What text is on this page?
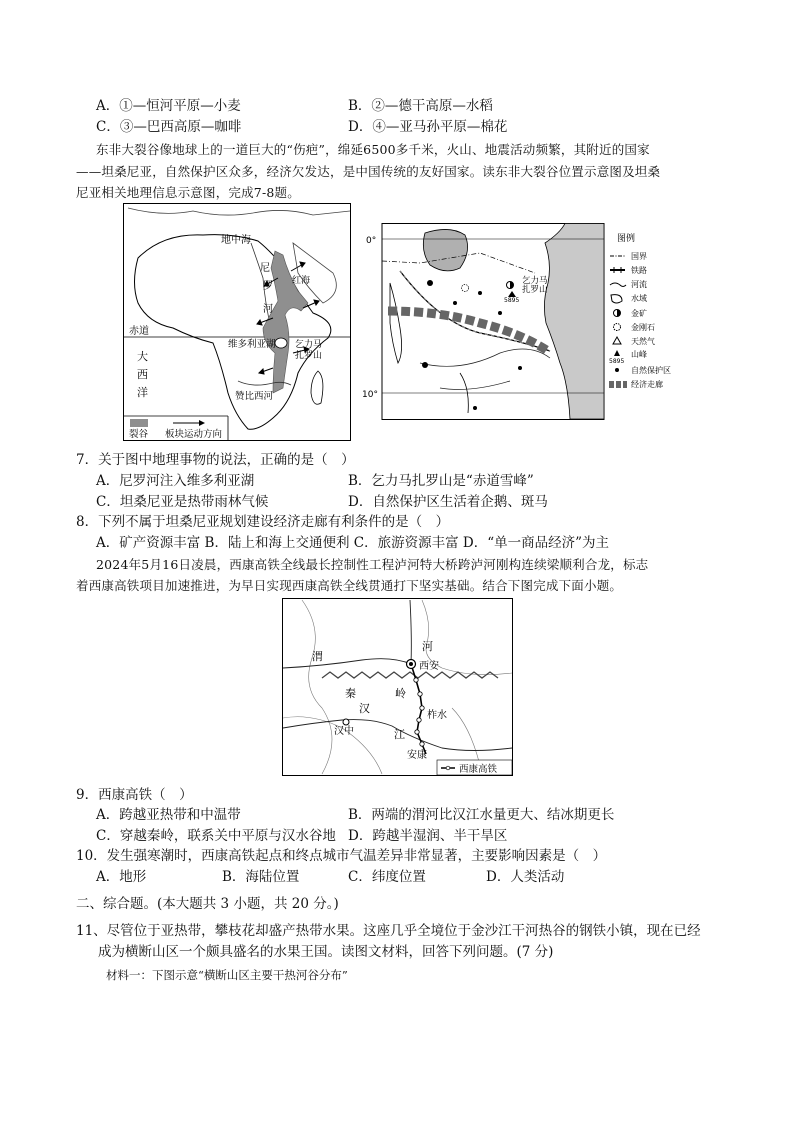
A．①—恒河平原—小麦	B．②—德干高原—水稻
C．③—巴西高原—咖啡	D．④—亚马孙平原—棉花
东非大裂谷像地球上的一道巨大的“伤疤”，绵延6500多千米，火山、地震活动频繁，其附近的国家
——坦桑尼亚，自然保护区众多，经济欠发达，是中国传统的友好国家。读东非大裂谷位置示意图及坦桑
尼亚相关地理信息示意图，完成7-8题。
地中海
尼
罗
河
红海
赤道
大
西
洋
维多利亚湖 乞力马
扎罗山
赞比西河
裂谷 板块运动方向
0°
10°
乞力马
扎罗山
5895
图例
国界
铁路
河流
水域
金矿
金刚石
天然气
5895
山峰
自然保护区
经济走廊
7．关于图中地理事物的说法，正确的是（　）
A．尼罗河注入维多利亚湖	B．乞力马扎罗山是“赤道雪峰”
C．坦桑尼亚是热带雨林气候	D．自然保护区生活着企鹅、斑马
8．下列不属于坦桑尼亚规划建设经济走廊有利条件的是（　）
A．矿产资源丰富 B．陆上和海上交通便利 C．旅游资源丰富 D．“单一商品经济”为主
2024年5月16日凌晨，西康高铁全线最长控制性工程泸河特大桥跨泸河刚构连续梁顺利合龙，标志
着西康高铁项目加速推进，为早日实现西康高铁全线贯通打下坚实基础。结合下图完成下面小题。
渭
河
西安
秦	岭
汉
江
柞水
汉中
安康
西康高铁
9．西康高铁（　）
A．跨越亚热带和中温带	B．两端的渭河比汉江水量更大、结冰期更长
C．穿越秦岭，联系关中平原与汉水谷地 D．跨越半湿润、半干旱区
10．发生强寒潮时，西康高铁起点和终点城市气温差异非常显著，主要影响因素是（　）
A．地形	B．海陆位置	C．纬度位置	D．人类活动
二、综合题。(本大题共 3 小题，共 20 分。)
11、尽管位于亚热带，攀枝花却盛产热带水果。这座几乎全境位于金沙江干河热谷的钢铁小镇，现在已经
成为横断山区一个颇具盛名的水果王国。读图文材料，回答下列问题。(7 分)
材料一：下图示意“横断山区主要干热河谷分布”
